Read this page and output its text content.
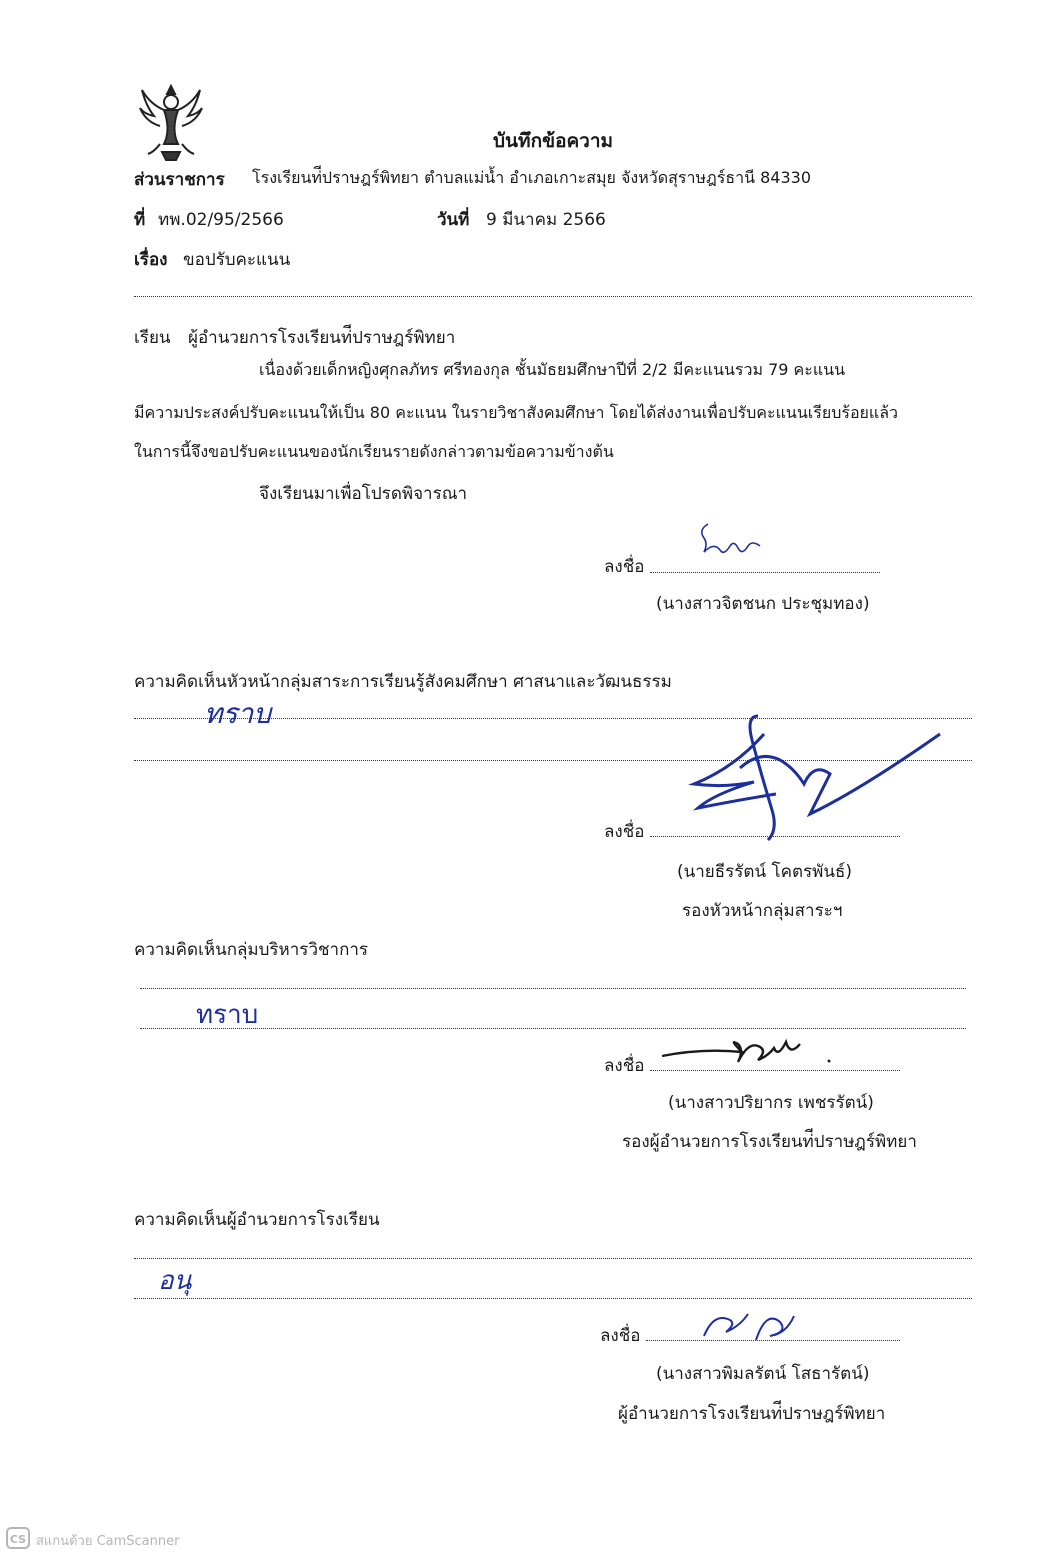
บันทึกข้อความ
ส่วนราชการ โรงเรียนท่ีปราษฎร์พิทยา ตำบลแม่น้ำ อำเภอเกาะสมุย จังหวัดสุราษฎร์ธานี 84330
ที่ ทพ.02/95/2566	วันที่ 9 มีนาคม 2566
เรื่อง ขอปรับคะแนน
เรียน ผู้อำนวยการโรงเรียนท่ีปราษฎร์พิทยา
เนื่องด้วยเด็กหญิงศุกลภัทร ศรีทองกุล ชั้นมัธยมศึกษาปีที่ 2/2 มีคะแนนรวม 79 คะแนน
มีความประสงค์ปรับคะแนนให้เป็น 80 คะแนน ในรายวิชาสังคมศึกษา โดยได้ส่งงานเพื่อปรับคะแนนเรียบร้อยแล้ว
ในการนี้จึงขอปรับคะแนนของนักเรียนรายดังกล่าวตามข้อความข้างต้น
จึงเรียนมาเพื่อโปรดพิจารณา
ลงชื่อ
(นางสาวจิตชนก ประชุมทอง)
ความคิดเห็นหัวหน้ากลุ่มสาระการเรียนรู้สังคมศึกษา ศาสนาและวัฒนธรรม
ทราบ
ลงชื่อ
(นายธีรรัตน์ โคตรพันธ์)
รองหัวหน้ากลุ่มสาระฯ
ความคิดเห็นกลุ่มบริหารวิชาการ
ทราบ
ลงชื่อ
(นางสาวปริยากร เพชรรัตน์)
รองผู้อำนวยการโรงเรียนท่ีปราษฎร์พิทยา
ความคิดเห็นผู้อำนวยการโรงเรียน
อนุ
ลงชื่อ
(นางสาวพิมลรัตน์ โสธารัตน์)
ผู้อำนวยการโรงเรียนท่ีปราษฎร์พิทยา
CS สแกนด้วย CamScanner
